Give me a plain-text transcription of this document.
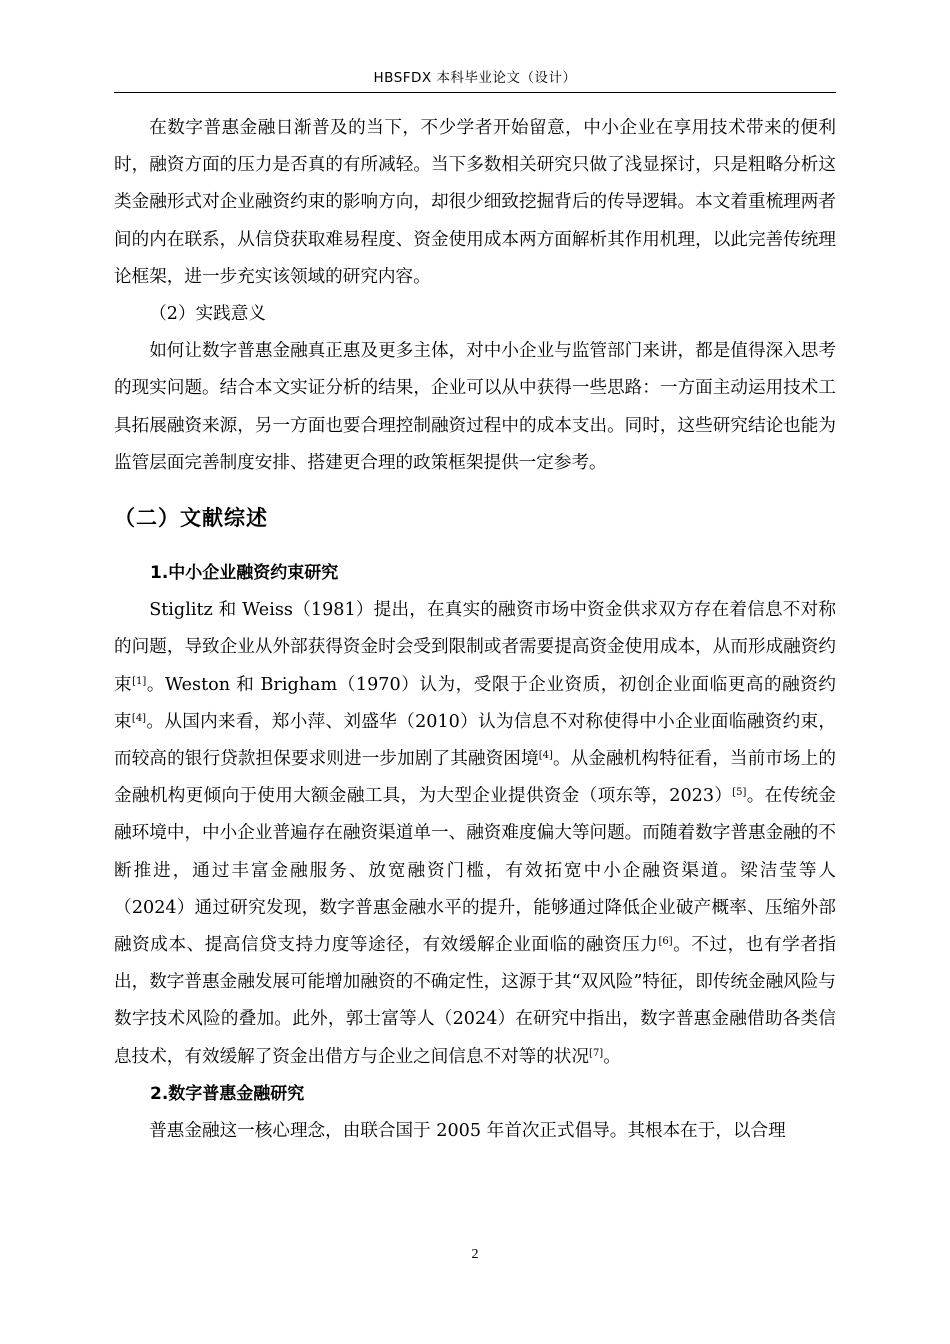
HBSFDX 本科毕业论文（设计）

在数字普惠金融日渐普及的当下，不少学者开始留意，中小企业在享用技术带来的便利时，融资方面的压力是否真的有所减轻。当下多数相关研究只做了浅显探讨，只是粗略分析这类金融形式对企业融资约束的影响方向，却很少细致挖掘背后的传导逻辑。本文着重梳理两者间的内在联系，从信贷获取难易程度、资金使用成本两方面解析其作用机理，以此完善传统理论框架，进一步充实该领域的研究内容。

（2）实践意义

如何让数字普惠金融真正惠及更多主体，对中小企业与监管部门来讲，都是值得深入思考的现实问题。结合本文实证分析的结果，企业可以从中获得一些思路：一方面主动运用技术工具拓展融资来源，另一方面也要合理控制融资过程中的成本支出。同时，这些研究结论也能为监管层面完善制度安排、搭建更合理的政策框架提供一定参考。

（二）文献综述

1.中小企业融资约束研究

Stiglitz 和 Weiss（1981）提出，在真实的融资市场中资金供求双方存在着信息不对称的问题，导致企业从外部获得资金时会受到限制或者需要提高资金使用成本，从而形成融资约束[1]。Weston 和 Brigham（1970）认为，受限于企业资质，初创企业面临更高的融资约束[4]。从国内来看，郑小萍、刘盛华（2010）认为信息不对称使得中小企业面临融资约束，而较高的银行贷款担保要求则进一步加剧了其融资困境[4]。从金融机构特征看，当前市场上的金融机构更倾向于使用大额金融工具，为大型企业提供资金（项东等，2023）[5]。在传统金融环境中，中小企业普遍存在融资渠道单一、融资难度偏大等问题。而随着数字普惠金融的不断推进，通过丰富金融服务、放宽融资门槛，有效拓宽中小企融资渠道。梁洁莹等人（2024）通过研究发现，数字普惠金融水平的提升，能够通过降低企业破产概率、压缩外部融资成本、提高信贷支持力度等途径，有效缓解企业面临的融资压力[6]。不过，也有学者指出，数字普惠金融发展可能增加融资的不确定性，这源于其“双风险”特征，即传统金融风险与数字技术风险的叠加。此外，郭士富等人（2024）在研究中指出，数字普惠金融借助各类信息技术，有效缓解了资金出借方与企业之间信息不对等的状况[7]。

2.数字普惠金融研究

普惠金融这一核心理念，由联合国于 2005 年首次正式倡导。其根本在于，以合理

2
